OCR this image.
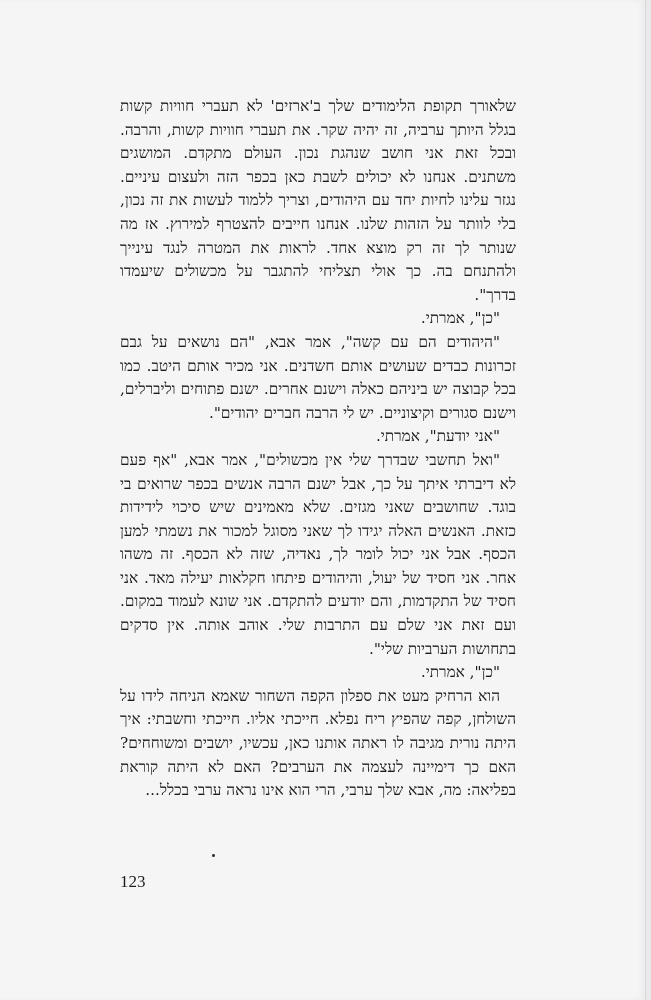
שלאורך תקופת הלימודים שלך ב'ארזים' לא תעברי חוויות קשות בגלל היותך ערביה, זה יהיה שקר. את תעברי חוויות קשות, והרבה. ובכל זאת אני חושב שנהגת נכון. העולם מתקדם. המושגים משתנים. אנחנו לא יכולים לשבת כאן בכפר הזה ולעצום עיניים. נגזר עלינו לחיות יחד עם היהודים, וצריך ללמוד לעשות את זה נכון, בלי לוותר על הזהות שלנו. אנחנו חייבים להצטרף למירוץ. אז מה שנותר לך זה רק מוצא אחד. לראות את המטרה לנגד עינייך ולהתנחם בה. כך אולי תצליחי להתגבר על מכשולים שיעמדו בדרך".

"כן", אמרתי.

"היהודים הם עם קשה", אמר אבא, "הם נושאים על גבם זכרונות כבדים שעושים אותם חשדנים. אני מכיר אותם היטב. כמו בכל קבוצה יש ביניהם כאלה וישנם אחרים. ישנם פתוחים וליברלים, וישנם סגורים וקיצוניים. יש לי הרבה חברים יהודים".

"אני יודעת", אמרתי.

"ואל תחשבי שבדרך שלי אין מכשולים", אמר אבא, "אף פעם לא דיברתי איתך על כך, אבל ישנם הרבה אנשים בכפר שרואים בי בוגד. שחושבים שאני מגזים. שלא מאמינים שיש סיכוי לידידות כזאת. האנשים האלה יגידו לך שאני מסוגל למכור את נשמתי למען הכסף. אבל אני יכול לומר לך, נאדיה, שזה לא הכסף. זה משהו אחר. אני חסיד של יעול, והיהודים פיתחו חקלאות יעילה מאד. אני חסיד של התקדמות, והם יודעים להתקדם. אני שונא לעמוד במקום. ועם זאת אני שלם עם התרבות שלי. אוהב אותה. אין סדקים בתחושות הערביות שלי".

"כן", אמרתי.

הוא הרחיק מעט את ספלון הקפה השחור שאמא הניחה לידו על השולחן, קפה שהפיץ ריח נפלא. חייכתי אליו. חייכתי וחשבתי: איך היתה נורית מגיבה לו ראתה אותנו כאן, עכשיו, יושבים ומשוחחים? האם כך דימיינה לעצמה את הערבים? האם לא היתה קוראת בפליאה: מה, אבא שלך ערבי, הרי הוא אינו נראה ערבי בכלל...

123
